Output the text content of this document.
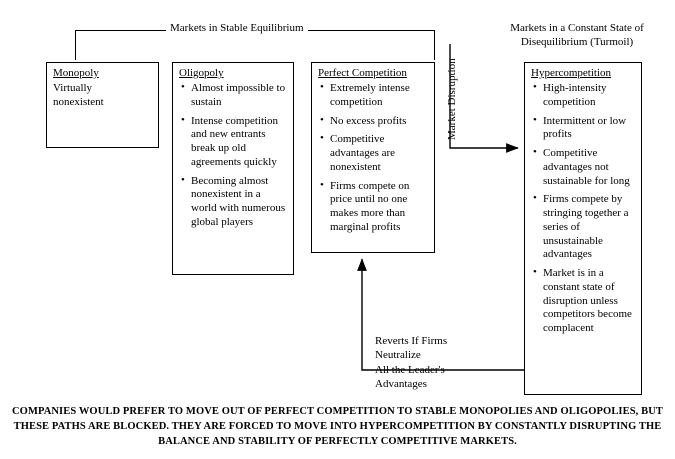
Markets in Stable Equilibrium	Markets in a Constant State of Disequilibrium (Turmoil)
Monopoly
Virtually
nonexistent
Oligopoly
• Almost impossible to sustain
• Intense competition and new entrants break up old agreements quickly
• Becoming almost nonexistent in a world with numerous global players
Perfect Competition
• Extremely intense competition
• No excess profits
• Competitive advantages are nonexistent
• Firms compete on price until no one makes more than marginal profits
Hypercompetition
• High-intensity competition
• Intermittent or low profits
• Competitive advantages not sustainable for long
• Firms compete by stringing together a series of unsustainable advantages
• Market is in a constant state of disruption unless competitors become complacent
Market Disruption
Reverts If Firms
Neutralize
All the Leader's
Advantages
COMPANIES WOULD PREFER TO MOVE OUT OF PERFECT COMPETITION TO STABLE MONOPOLIES AND OLIGOPOLIES, BUT THESE PATHS ARE BLOCKED. THEY ARE FORCED TO MOVE INTO HYPERCOMPETITION BY CONSTANTLY DISRUPTING THE BALANCE AND STABILITY OF PERFECTLY COMPETITIVE MARKETS.
